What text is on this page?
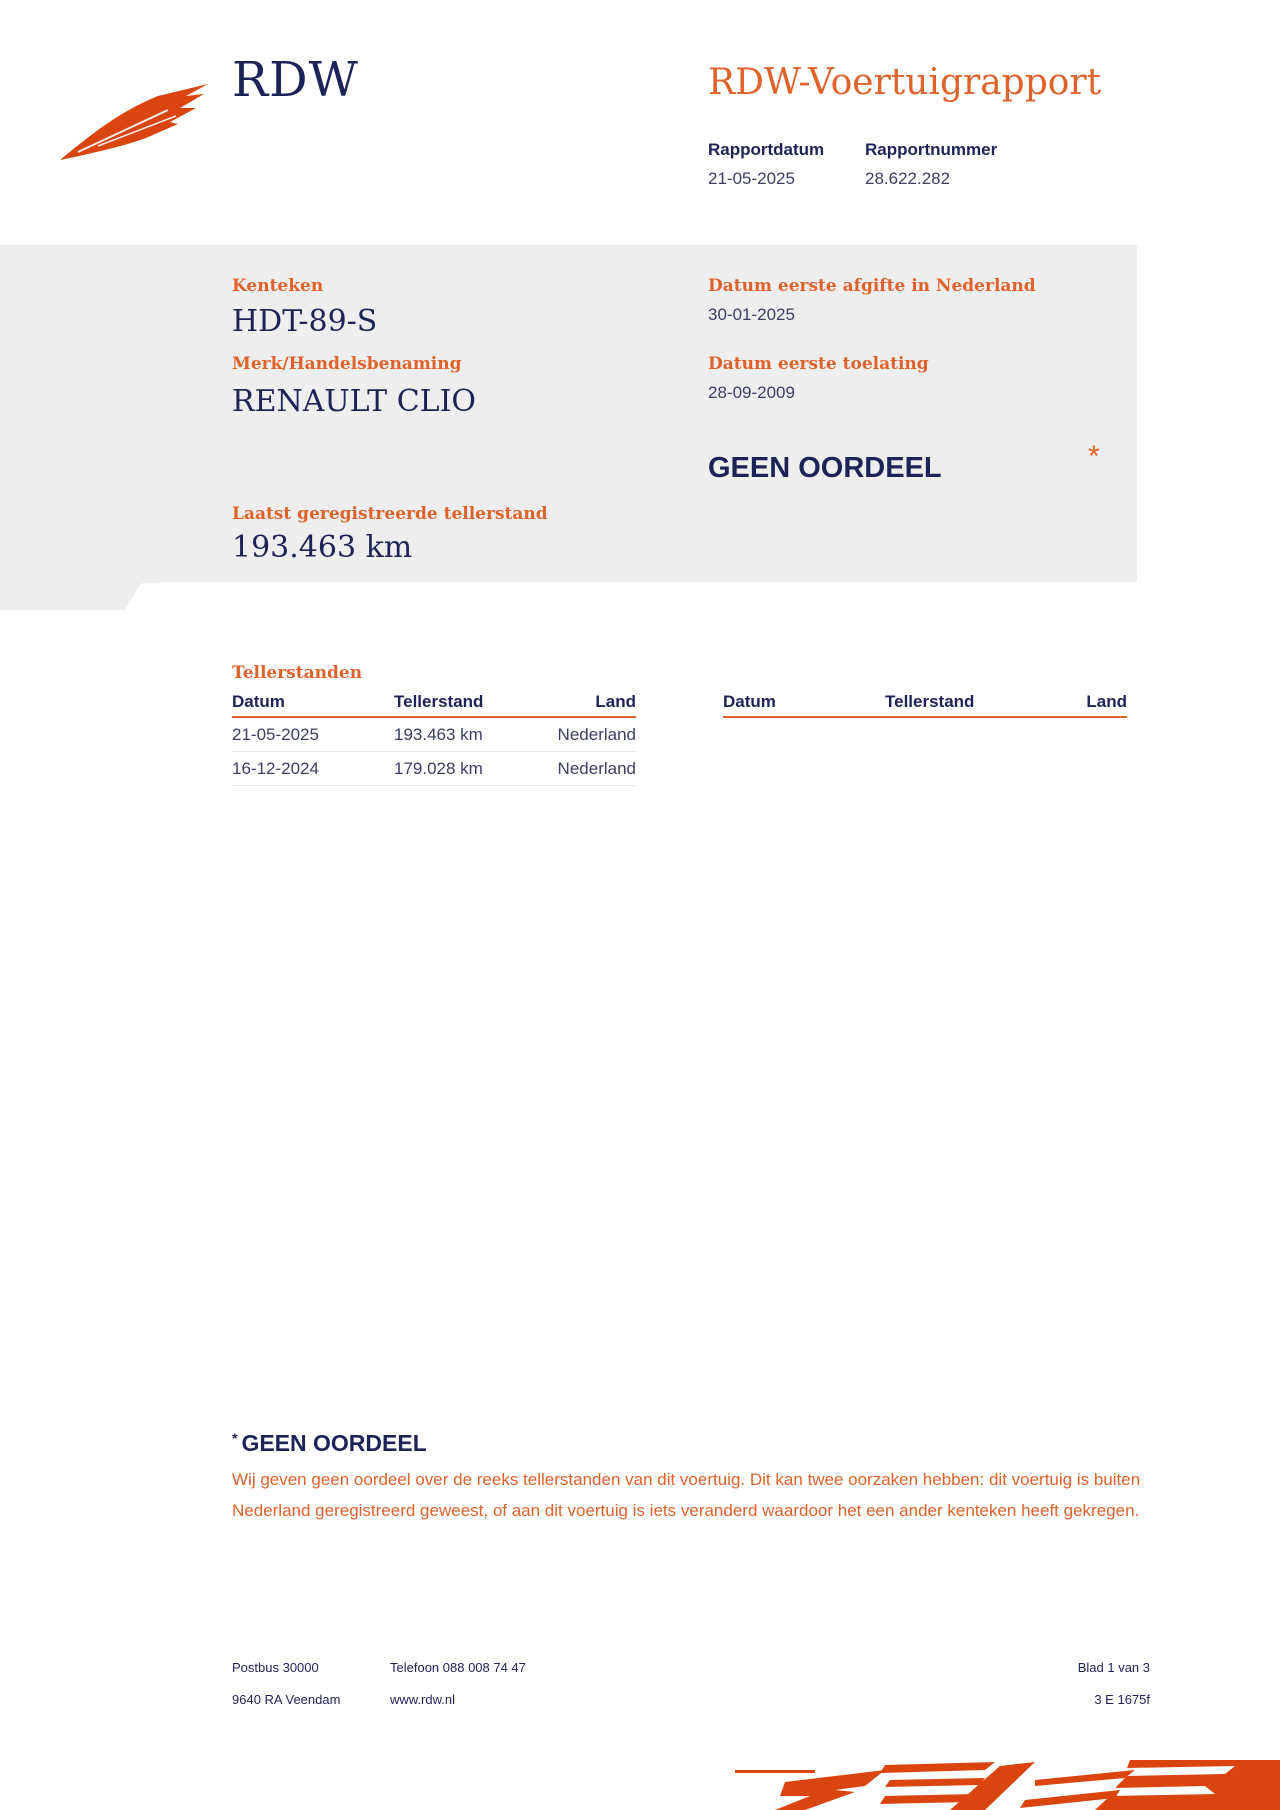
RDW	RDW-Voertuigrapport
Rapportdatum
21-05-2025
Rapportnummer
28.622.282
Kenteken
HDT-89-S
Merk/Handelsbenaming
RENAULT CLIO
Laatst geregistreerde tellerstand
193.463 km
Datum eerste afgifte in Nederland
30-01-2025
Datum eerste toelating
28-09-2009
GEEN OORDEEL	*
Tellerstanden
Datum	Tellerstand	Land
21-05-2025	193.463 km	Nederland
16-12-2024	179.028 km	Nederland
Datum	Tellerstand	Land
* GEEN OORDEEL
Wij geven geen oordeel over de reeks tellerstanden van dit voertuig. Dit kan twee oorzaken hebben: dit voertuig is buiten Nederland geregistreerd geweest, of aan dit voertuig is iets veranderd waardoor het een ander kenteken heeft gekregen.
Postbus 30000
9640 RA Veendam
Telefoon 088 008 74 47
www.rdw.nl
Blad 1 van 3
3 E 1675f
